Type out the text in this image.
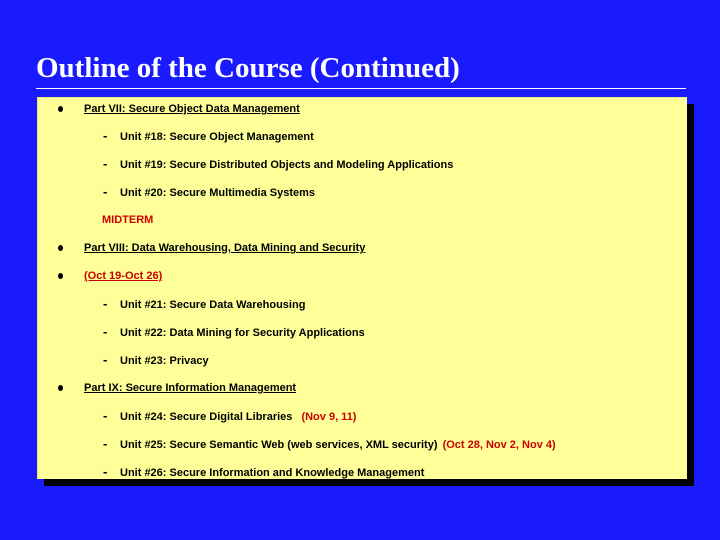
Outline of the Course (Continued)
Part VII: Secure Object Data Management
- Unit #18: Secure Object Management
- Unit #19: Secure Distributed Objects and Modeling Applications
- Unit #20: Secure Multimedia Systems
MIDTERM
Part VIII: Data Warehousing, Data Mining and Security
(Oct 19-Oct 26)
- Unit #21: Secure Data Warehousing
- Unit #22: Data Mining for Security Applications
- Unit #23: Privacy
Part IX: Secure Information Management
- Unit #24: Secure Digital Libraries (Nov 9, 11)
- Unit #25: Secure Semantic Web (web services, XML security) (Oct 28, Nov 2, Nov 4)
- Unit #26: Secure Information and Knowledge Management
